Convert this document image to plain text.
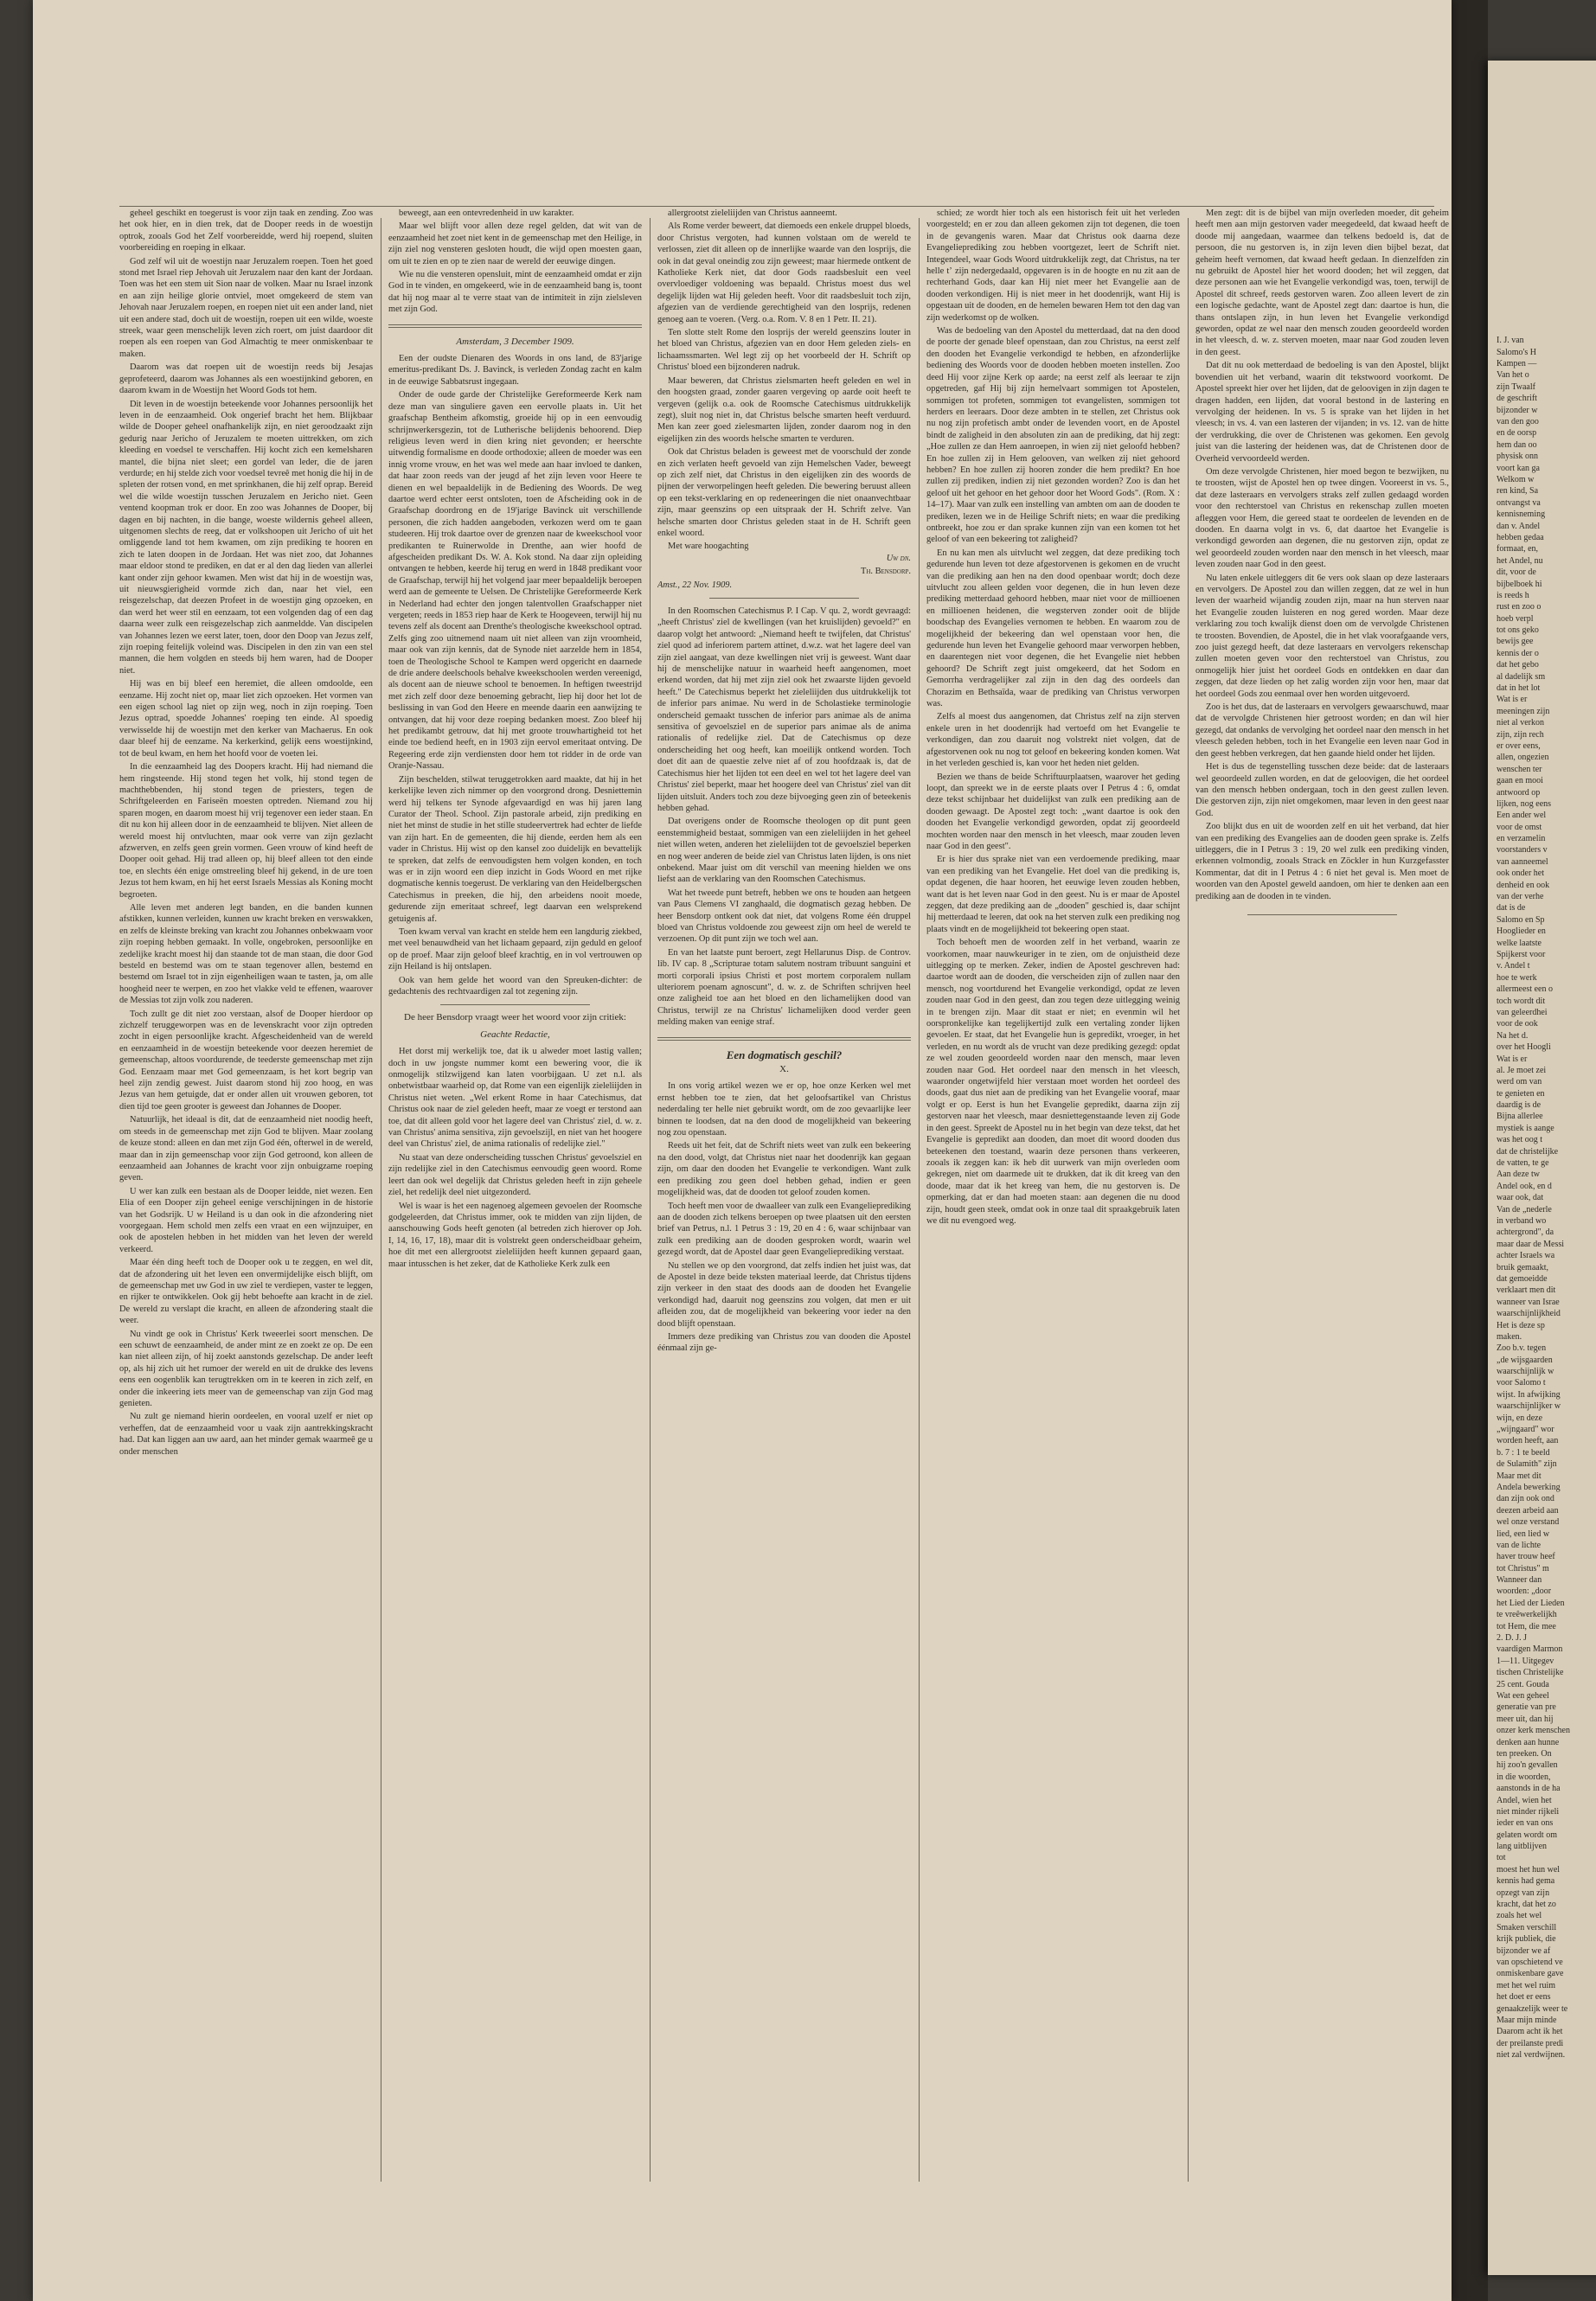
geheel geschikt en toegerust is voor zijn taak en zending. Zoo was het ook hier, en in dien trek, dat de Dooper reeds in de woestijn optrok, zooals God het Zelf voorbereidde, werd hij roepend, sluiten voorbereiding en roeping in elkaar.

God zelf wil uit de woestijn naar Jeruzalem roepen. Toen het goed stond met Israel riep Jehovah uit Jeruzalem naar den kant der Jordaan. Toen was het een stem uit Sion naar de volken. Maar nu Israel inzonk en aan zijn heilige glorie ontviel, moet omgekeerd de stem van Jehovah naar Jeruzalem roepen, en roepen niet uit een ander land, niet uit een andere stad, doch uit de woestijn, roepen uit een wilde, woeste streek, waar geen menschelijk leven zich roert, om juist daardoor dit roepen als een roepen van God Almachtig te meer onmiskenbaar te maken.

Daarom was dat roepen uit de woestijn reeds bij Jesajas geprofeteerd, daarom was Johannes als een woestijnkind geboren, en daarom kwam in de Woestijn het Woord Gods tot hem.

Dit leven in de woestijn beteekende voor Johannes persoonlijk het leven in de eenzaamheid. Ook ongerief bracht het hem. Blijkbaar wilde de Dooper geheel onafhankelijk zijn, en niet geroodzaakt zijn gedurig naar Jericho of Jeruzalem te moeten uittrekken, om zich kleeding en voedsel te verschaffen. Hij kocht zich een kemelsharen mantel, die bijna niet sleet; een gordel van leder, die de jaren verdurde; en hij stelde zich voor voedsel tevreê met honig die hij in de spleten der rotsen vond, en met sprinkhanen, die hij zelf oprap. Bereid wel die wilde woestijn tusschen Jeruzalem en Jericho niet. Geen ventend koopman trok er door. En zoo was Johannes de Dooper, bij dagen en bij nachten, in die bange, woeste wildernis geheel alleen, uitgenomen slechts de reeg, dat er volkshoopen uit Jericho of uit het omliggende land tot hem kwamen, om zijn prediking te hooren en zich te laten doopen in de Jordaan. Het was niet zoo, dat Johannes maar eldoor stond te prediken, en dat er al den dag lieden van allerlei kant onder zijn gehoor kwamen. Men wist dat hij in de woestijn was, uit nieuwsgierigheid vormde zich dan, naar het viel, een reisgezelschap, dat deezen Profeet in de woestijn ging opzoeken, en dan werd het weer stil en eenzaam, tot een volgenden dag of een dag daarna weer zulk een reisgezelschap zich aanmeldde. Van discipelen van Johannes lezen we eerst later, toen, door den Doop van Jezus zelf, zijn roeping feitelijk voleind was. Discipelen in den zin van een stel mannen, die hem volgden en steeds bij hem waren, had de Dooper niet.

Hij was en bij bleef een heremiet, die alleen omdoolde, een eenzame. Hij zocht niet op, maar liet zich opzoeken. Het vormen van een eigen school lag niet op zijn weg, noch in zijn roeping. Toen Jezus optrad, spoedde Johannes' roeping ten einde. Al spoedig verwisselde hij de woestijn met den kerker van Machaerus. En ook daar bleef hij de eenzame. Na kerkerkind, gelijk eens woestijnkind, tot de beul kwam, en hem het hoofd voor de voeten lei.

In die eenzaamheid lag des Doopers kracht. Hij had niemand die hem ringsteende. Hij stond tegen het volk, hij stond tegen de machthebbenden, hij stond tegen de priesters, tegen de Schriftgeleerden en Fariseën moesten optreden. Niemand zou hij sparen mogen, en daarom moest hij vrij tegenover een ieder staan. En dit nu kon hij alleen door in de eenzaamheid te blijven. Niet alleen de wereld moest hij ontvluchten, maar ook verre van zijn gezlacht afzwerven, en zelfs geen grein vormen. Geen vrouw of kind heeft de Dooper ooit gehad. Hij trad alleen op, hij bleef alleen tot den einde toe, en slechts één enige omstreeling bleef hij gekend, in de ure toen Jezus tot hem kwam, en hij het eerst Israels Messias als Koning mocht begroeten.

Alle leven met anderen legt banden, en die banden kunnen afstikken, kunnen verleiden, kunnen uw kracht breken en verswakken, en zelfs de kleinste breking van kracht zou Johannes onbekwaam voor zijn roeping hebben gemaakt. In volle, ongebroken, persoonlijke en zedelijke kracht moest hij dan staande tot de man staan, die door God besteld en bestemd was om te staan tegenover allen, bestemd en bestemd om Israel tot in zijn eigenheiligen waan te tasten, ja, om alle hoogheid neer te werpen, en zoo het vlakke veld te effenen, waarover de Messias tot zijn volk zou naderen.

Toch zullt ge dit niet zoo verstaan, alsof de Dooper hierdoor op zichzelf teruggeworpen was en de levenskracht voor zijn optreden zocht in eigen persoonlijke kracht. Afgescheidenheid van de wereld en eenzaamheid in de woestijn beteekende voor deezen heremiet de gemeenschap, altoos voordurende, de teederste gemeenschap met zijn God. Eenzaam maar met God gemeenzaam, is het kort begrip van heel zijn zendig gewest. Juist daarom stond hij zoo hoog, en was Jezus van hem getuigde, dat er onder allen uit vrouwen geboren, tot dien tijd toe geen grooter is geweest dan Johannes de Dooper.

Natuurlijk, het ideaal is dit, dat de eenzaamheid niet noodig heeft, om steeds in de gemeenschap met zijn God te blijven. Maar zoolang de keuze stond: alleen en dan met zijn God één, ofterwel in de wereld, maar dan in zijn gemeenschap voor zijn God getroond, kon alleen de eenzaamheid aan Johannes de kracht voor zijn onbuigzame roeping geven.

U wer kan zulk een bestaan als de Dooper leidde, niet wezen. Een Elia of een Dooper zijn geheel eenige verschijningen in de historie van het Godsrijk. U w Heiland is u dan ook in die afzondering niet voorgegaan. Hem schold men zelfs een vraat en een wijnzuiper, en ook de apostelen hebben in het midden van het leven der wereld verkeerd.

Maar één ding heeft toch de Dooper ook u te zeggen, en wel dit, dat de afzondering uit het leven een onvermijdelijke eisch blijft, om de gemeenschap met uw God in uw ziel te verdiepen, vaster te leggen, en rijker te ontwikkelen. Ook gij hebt behoefte aan kracht in de ziel. De wereld zu verslapt die kracht, en alleen de afzondering staalt die weer.

Nu vindt ge ook in Christus' Kerk tweeerlei soort menschen. De een schuwt de eenzaamheid, de ander mint ze en zoekt ze op. De een kan niet alleen zijn, of hij zoekt aanstonds gezelschap. De ander leeft op, als hij zich uit het rumoer der wereld en uit de drukke des levens eens een oogenblik kan terugtrekken om in te keeren in zich zelf, en onder die inkeering iets meer van de gemeenschap van zijn God mag genieten.

Nu zult ge niemand hierin oordeelen, en vooral uzelf er niet op verheffen, dat de eenzaamheid voor u vaak zijn aantrekkingskracht had. Dat kan liggen aan uw aard, aan het minder gemak waarmeê ge u onder menschen

beweegt, aan een ontevredenheid in uw karakter.

Maar wel blijft voor allen deze regel gelden, dat wit van de eenzaamheid het zoet niet kent in de gemeenschap met den Heilige, in zijn ziel nog vensteren gesloten houdt, die wijd open moesten gaan, om uit te zien en op te zien naar de wereld der eeuwige dingen.

Wie nu die vensteren opensluit, mint de eenzaamheid omdat er zijn God in te vinden, en omgekeerd, wie in de eenzaamheid bang is, toont dat hij nog maar al te verre staat van de intimiteit in zijn zielsleven met zijn God.

Amsterdam, 3 December 1909.

Een der oudste Dienaren des Woords in ons land, de 83'jarige emeritus-predikant Ds. J. Bavinck, is verleden Zondag zacht en kalm in de eeuwige Sabbatsrust ingegaan.

Onder de oude garde der Christelijke Gereformeerde Kerk nam deze man van singuliere gaven een eervolle plaats in. Uit het graafschap Bentheim afkomstig, groeide hij op in een eenvoudig schrijnwerkersgezin, tot de Lutherische belijdenis behoorend. Diep religieus leven werd in dien kring niet gevonden; er heerschte uitwendig formalisme en doode orthodoxie; alleen de moeder was een innig vrome vrouw, en het was wel mede aan haar invloed te danken, dat haar zoon reeds van der jeugd af het zijn leven voor Heere te dienen en wel bepaaldelijk in de Bediening des Woords. De weg daartoe werd echter eerst ontsloten, toen de Afscheiding ook in de Graafschap doordrong en de 19'jarige Bavinck uit verschillende personen, die zich hadden aangeboden, verkozen werd om te gaan studeeren. Hij trok daartoe over de grenzen naar de kweekschool voor predikanten te Ruinerwolde in Drenthe, aan wier hoofd de afgescheiden predikant Ds. W. A. Kok stond. Na daar zijn opleiding ontvangen te hebben, keerde hij terug en werd in 1848 predikant voor de Graafschap, terwijl hij het volgend jaar meer bepaaldelijk beroepen werd aan de gemeente te Uelsen. De Christelijke Gereformeerde Kerk in Nederland had echter den jongen talentvollen Graafschapper niet vergeten; reeds in 1853 riep haar de Kerk te Hoogeveen, terwijl hij nu tevens zelf als docent aan Drenthe's theologische kweekschool optrad. Zelfs ging zoo uitnemend naam uit niet alleen van zijn vroomheid, maar ook van zijn kennis, dat de Synode niet aarzelde hem in 1854, toen de Theologische School te Kampen werd opgericht en daarnede de drie andere deelschools behalve kweekschoolen werden vereenigd, als docent aan de nieuwe school te benoemen. In heftigen tweestrijd met zich zelf door deze benoeming gebracht, liep hij door het lot de beslissing in van God den Heere en meende daarin een aanwijzing te ontvangen, dat hij voor deze roeping bedanken moest. Zoo bleef hij het predikambt getrouw, dat hij met groote trouwhartigheid tot het einde toe bediend heeft, en in 1903 zijn eervol emeritaat ontving. De Regeering erde zijn verdiensten door hem tot ridder in de orde van Oranje-Nassau.

Zijn beschelden, stilwat teruggetrokken aard maakte, dat hij in het kerkelijke leven zich nimmer op den voorgrond drong. Desniettemin werd hij telkens ter Synode afgevaardigd en was hij jaren lang Curator der Theol. School. Zijn pastorale arbeid, zijn prediking en niet het minst de studie in het stille studeervertrek had echter de liefde van zijn hart. En de gemeenten, die hij diende, eerden hem als een vader in Christus. Hij wist op den kansel zoo duidelijk en bevattelijk te spreken, dat zelfs de eenvoudigsten hem volgen konden, en toch was er in zijn woord een diep inzicht in Gods Woord en met rijke dogmatische kennis toegerust. De verklaring van den Heidelbergschen Catechismus in preeken, die hij, den arbeidens nooit moede, gedurende zijn emeritaat schreef, legt daarvan een welsprekend getuigenis af.

Toen kwam verval van kracht en stelde hem een langdurig ziekbed, met veel benauwdheid van het lichaam gepaard, zijn geduld en geloof op de proef. Maar zijn geloof bleef krachtig, en in vol vertrouwen op zijn Heiland is hij ontslapen.

Ook van hem gelde het woord van den Spreuken-dichter: de gedachtenis des rechtvaardigen zal tot zegening zijn.

De heer Bensdorp vraagt weer het woord voor zijn critiek:

Geachte Redactie,

Het dorst mij werkelijk toe, dat ik u alweder moet lastig vallen; doch in uw jongste nummer komt een bewering voor, die ik onmogelijk stilzwijgend kan laten voorbijgaan. U zet n.l. als onbetwistbaar waarheid op, dat Rome van een eigenlijk zieleliijden in Christus niet weten. „Wel erkent Rome in haar Catechismus, dat Christus ook naar de ziel geleden heeft, maar ze voegt er terstond aan toe, dat dit alleen gold voor het lagere deel van Christus' ziel, d. w. z. van Christus' anima sensitiva, zijn gevoelszijl, en niet van het hoogere deel van Christus' ziel, de anima rationalis of redelijke ziel."

Nu staat van deze onderscheiding tusschen Christus' gevoelsziel en zijn redelijke ziel in den Catechismus eenvoudig geen woord. Rome leert dan ook wel degelijk dat Christus geleden heeft in zijn geheele ziel, het redelijk deel niet uitgezonderd.

Wel is waar is het een nagenoeg algemeen gevoelen der Roomsche godgeleerden, dat Christus immer, ook te midden van zijn lijden, de aanschouwing Gods heeft genoten (al betreden zich hierover op Joh. I, 14, 16, 17, 18), maar dit is volstrekt geen onderscheidbaar geheim, hoe dit met een allergrootst zieleliijden heeft kunnen gepaard gaan, maar intusschen is het zeker, dat de Katholieke Kerk zulk een

allergrootst zieleliijden van Christus aanneemt.

Als Rome verder beweert, dat diemoeds een enkele druppel bloeds, door Christus vergoten, had kunnen volstaan om de wereld te verlossen, ziet dit alleen op de innerlijke waarde van den losprijs, die ook in dat geval oneindig zou zijn geweest; maar hiermede ontkent de Katholieke Kerk niet, dat door Gods raadsbesluit een veel overvloediger voldoening was bepaald. Christus moest dus wel degelijk lijden wat Hij geleden heeft. Voor dit raadsbesluit toch zijn, afgezien van de verdiende gerechtigheid van den losprijs, redenen genoeg aan te voeren. (Verg. o.a. Rom. V. 8 en 1 Petr. II. 21).

Ten slotte stelt Rome den losprijs der wereld geenszins louter in het bloed van Christus, afgezien van en door Hem geleden ziels- en lichaamssmarten. Wel legt zij op het voorbeeld der H. Schrift op Christus' bloed een bijzonderen nadruk.

Maar beweren, dat Christus zielsmarten heeft geleden en wel in den hoogsten graad, zonder gaaren vergeving op aarde ooit heeft te vergeven (gelijk o.a. ook de Roomsche Catechismus uitdrukkelijk zegt), sluit nog niet in, dat Christus belsche smarten heeft verduurd. Men kan zeer goed zielesmarten lijden, zonder daarom nog in den eigelijken zin des woords helsche smarten te verduren.

Ook dat Christus beladen is geweest met de voorschuld der zonde en zich verlaten heeft gevoeld van zijn Hemelschen Vader, beweegt op zich zelf niet, dat Christus in den eigelijken zin des woords de pijnen der verworpelingen heeft geleden. Die bewering beruust alleen op een tekst-verklaring en op redeneeringen die niet onaanvechtbaar zijn, maar geenszins op een uitspraak der H. Schrift zelve. Van helsche smarten door Christus geleden staat in de H. Schrift geen enkel woord.

Met ware hoogachting

Uw dn.

Th. Bensdorp.

Amst., 22 Nov. 1909.

In den Roomschen Catechismus P. I Cap. V qu. 2, wordt gevraagd: „heeft Christus' ziel de kwellingen (van het kruislijden) gevoeld?" en daarop volgt het antwoord: „Niemand heeft te twijfelen, dat Christus' ziel quod ad inferiorem partem attinet, d.w.z. wat het lagere deel van zijn ziel aangaat, van deze kwellingen niet vrij is geweest. Want daar hij de menschelijke natuur in waarheid heeft aangenomen, moet erkend worden, dat hij met zijn ziel ook het zwaarste lijden gevoeld heeft." De Catechismus beperkt het zieleliijden dus uitdrukkelijk tot de inferior pars animae. Nu werd in de Scholastieke terminologie onderscheid gemaakt tusschen de inferior pars animae als de anima sensitiva of gevoelsziel en de superior pars animae als de anima rationalis of redelijke ziel. Dat de Catechismus op deze onderscheiding het oog heeft, kan moeilijk ontkend worden. Toch doet dit aan de quaestie zelve niet af of zou hoofdzaak is, dat de Catechismus hier het lijden tot een deel en wel tot het lagere deel van Christus' ziel beperkt, maar het hoogere deel van Christus' ziel van dit lijden uitsluit. Anders toch zou deze bijvoeging geen zin of beteekenis hebben gehad.

Dat overigens onder de Roomsche theologen op dit punt geen eenstemmigheid bestaat, sommigen van een zieleliijden in het geheel niet willen weten, anderen het zieleliijden tot de gevoelsziel beperken en nog weer anderen de beide ziel van Christus laten lijden, is ons niet onbekend. Maar juist om dit verschil van meening hielden we ons liefst aan de verklaring van den Roomschen Catechismus.

Wat het tweede punt betreft, hebben we ons te houden aan hetgeen van Paus Clemens VI zanghaald, die dogmatisch gezag hebben. De heer Bensdorp ontkent ook dat niet, dat volgens Rome één druppel bloed van Christus voldoende zou geweest zijn om heel de wereld te verzoenen. Op dit punt zijn we toch wel aan.

En van het laatste punt beroert, zegt Hellarunus Disp. de Controv. lib. IV cap. 8 „Scripturae totam salutem nostram tribuunt sanguini et morti corporali ipsius Christi et post mortem corporalem nullam ulteriorem poenam agnoscunt", d. w. z. de Schriften schrijven heel onze zaligheid toe aan het bloed en den lichamelijken dood van Christus, terwijl ze na Christus' lichamelijken dood verder geen melding maken van eenige straf.

Een dogmatisch geschil?

X.

In ons vorig artikel wezen we er op, hoe onze Kerken wel met ernst hebben toe te zien, dat het geloofsartikel van Christus nederdaling ter helle niet gebruikt wordt, om de zoo gevaarlijke leer binnen te loodsen, dat na den dood de mogelijkheid van bekeering nog zou openstaan.

Reeds uit het feit, dat de Schrift niets weet van zulk een bekeering na den dood, volgt, dat Christus niet naar het doodenrijk kan gegaan zijn, om daar den dooden het Evangelie te verkondigen. Want zulk een prediking zou geen doel hebben gehad, indien er geen mogelijkheid was, dat de dooden tot geloof zouden komen.

Toch heeft men voor de dwaalleer van zulk een Evangelieprediking aan de dooden zich telkens beroepen op twee plaatsen uit den eersten brief van Petrus, n.l. 1 Petrus 3 : 19, 20 en 4 : 6, waar schijnbaar van zulk een prediking aan de dooden gesproken wordt, waarin wel gezegd wordt, dat de Apostel daar geen Evangelieprediking verstaat.

Nu stellen we op den voorgrond, dat zelfs indien het juist was, dat de Apostel in deze beide teksten materiaal leerde, dat Christus tijdens zijn verkeer in den staat des doods aan de dooden het Evangelie verkondigd had, daaruit nog geenszins zou volgen, dat men er uit afleiden zou, dat de mogelijkheid van bekeering voor ieder na den dood blijft openstaan.

Immers deze prediking van Christus zou van dooden die Apostel éénmaal zijn ge-

schied; ze wordt hier toch als een historisch feit uit het verleden voorgesteld; en er zou dan alleen gekomen zijn tot degenen, die toen in de gevangenis waren. Maar dat Christus ook daarna deze Evangelieprediking zou hebben voortgezet, leert de Schrift niet. Integendeel, waar Gods Woord uitdrukkelijk zegt, dat Christus, na ter helle tʼ zijn nedergedaald, opgevaren is in de hoogte en nu zit aan de rechterhand Gods, daar kan Hij niet meer het Evangelie aan de dooden verkondigen. Hij is niet meer in het doodenrijk, want Hij is opgestaan uit de dooden, en de hemelen bewaren Hem tot den dag van zijn wederkomst op de wolken.

Was de bedoeling van den Apostel du metterdaad, dat na den dood de poorte der genade bleef openstaan, dan zou Christus, na eerst zelf den dooden het Evangelie verkondigd te hebben, en afzonderlijke bediening des Woords voor de dooden hebben moeten instellen. Zoo deed Hij voor zijne Kerk op aarde; na eerst zelf als leeraar te zijn opgetreden, gaf Hij bij zijn hemelvaart sommigen tot Apostelen, sommigen tot profeten, sommigen tot evangelisten, sommigen tot herders en leeraars. Door deze ambten in te stellen, zet Christus ook nu nog zijn profetisch ambt onder de levenden voort, en de Apostel bindt de zaligheid in den absoluten zin aan de prediking, dat hij zegt: „Hoe zullen ze dan Hem aanroepen, in wien zij niet geloofd hebben? En hoe zullen zij in Hem gelooven, van welken zij niet gehoord hebben? En hoe zullen zij hooren zonder die hem predikt? En hoe zullen zij prediken, indien zij niet gezonden worden? Zoo is dan het geloof uit het gehoor en het gehoor door het Woord Gods". (Rom. X : 14–17). Maar van zulk een instelling van ambten om aan de dooden te prediken, lezen we in de Heilige Schrift niets; en waar die prediking ontbreekt, hoe zou er dan sprake kunnen zijn van een komen tot het geloof of van een bekeering tot zaligheid?

En nu kan men als uitvlucht wel zeggen, dat deze prediking toch gedurende hun leven tot deze afgestorvenen is gekomen en de vrucht van die prediking aan hen na den dood openbaar wordt; doch deze uitvlucht zou alleen gelden voor degenen, die in hun leven deze prediking metterdaad gehoord hebben, maar niet voor de millioenen en millioenen heidenen, die wegsterven zonder ooit de blijde boodschap des Evangelies vernomen te hebben. En waarom zou de mogelijkheid der bekeering dan wel openstaan voor hen, die gedurende hun leven het Evangelie gehoord maar verworpen hebben, en daarentegen niet voor degenen, die het Evangelie niet hebben gehoord? De Schrift zegt juist omgekeerd, dat het Sodom en Gemorrha verdragelijker zal zijn in den dag des oordeels dan Chorazim en Bethsaïda, waar de prediking van Christus verworpen was.

Zelfs al moest dus aangenomen, dat Christus zelf na zijn sterven enkele uren in het doodenrijk had vertoefd om het Evangelie te verkondigen, dan zou daaruit nog volstrekt niet volgen, dat de afgestorvenen ook nu nog tot geloof en bekeering konden komen. Wat in het verleden geschied is, kan voor het heden niet gelden.

Bezien we thans de beide Schriftuurplaatsen, waarover het geding loopt, dan spreekt we in de eerste plaats over I Petrus 4 : 6, omdat deze tekst schijnbaar het duidelijkst van zulk een prediking aan de dooden gewaagt. De Apostel zegt toch: „want daartoe is ook den dooden het Evangelie verkondigd geworden, opdat zij geoordeeld mochten worden naar den mensch in het vleesch, maar zouden leven naar God in den geest".

Er is hier dus sprake niet van een verdoemende prediking, maar van een prediking van het Evangelie. Het doel van die prediking is, opdat degenen, die haar hooren, het eeuwige leven zouden hebben, want dat is het leven naar God in den geest. Nu is er maar de Apostel zeggen, dat deze prediking aan de „dooden" geschied is, daar schijnt hij metterdaad te leeren, dat ook na het sterven zulk een prediking nog plaats vindt en de mogelijkheid tot bekeering open staat.

Toch behoeft men de woorden zelf in het verband, waarin ze voorkomen, maar nauwkeuriger in te zien, om de onjuistheid deze uitlegging op te merken. Zeker, indien de Apostel geschreven had: daartoe wordt aan de dooden, die verscheiden zijn of zullen naar den mensch, nog voortdurend het Evangelie verkondigd, opdat ze leven zouden naar God in den geest, dan zou tegen deze uitlegging weinig in te brengen zijn. Maar dit staat er niet; en evenmin wil het oorspronkelijke kan tegelijkertijd zulk een vertaling zonder lijken gevoelen. Er staat, dat het Evangelie hun is gepredikt, vroeger, in het verleden, en nu wordt als de vrucht van deze prediking gezegd: opdat ze wel zouden geoordeeld worden naar den mensch, maar leven zouden naar God. Het oordeel naar den mensch in het vleesch, waaronder ongetwijfeld hier verstaan moet worden het oordeel des doods, gaat dus niet aan de prediking van het Evangelie vooraf, maar volgt er op. Eerst is hun het Evangelie gepredikt, daarna zijn zij gestorven naar het vleesch, maar desniettegenstaande leven zij Gode in den geest. Spreekt de Apostel nu in het begin van deze tekst, dat het Evangelie is gepredikt aan dooden, dan moet dit woord dooden dus beteekenen den toestand, waarin deze personen thans verkeeren, zooals ik zeggen kan: ik heb dit uurwerk van mijn overleden oom gekregen, niet om daarmede uit te drukken, dat ik dit kreeg van den doode, maar dat ik het kreeg van hem, die nu gestorven is. De opmerking, dat er dan had moeten staan: aan degenen die nu dood zijn, houdt geen steek, omdat ook in onze taal dit spraakgebruik laten we dit nu evengoed weg.

Men zegt: dit is de bijbel van mijn overleden moeder, dit geheim heeft men aan mijn gestorven vader meegedeeld, dat kwaad heeft de doode mij aangedaan, waarmee dan telkens bedoeld is, dat de persoon, die nu gestorven is, in zijn leven dien bijbel bezat, dat geheim heeft vernomen, dat kwaad heeft gedaan. In dienzelfden zin nu gebruikt de Apostel hier het woord dooden; het wil zeggen, dat deze personen aan wie het Evangelie verkondigd was, toen, terwijl de Apostel dit schreef, reeds gestorven waren. Zoo alleen levert de zin een logische gedachte, want de Apostel zegt dan: daartoe is hun, die thans ontslapen zijn, in hun leven het Evangelie verkondigd geworden, opdat ze wel naar den mensch zouden geoordeeld worden in het vleesch, d. w. z. sterven moeten, maar naar God zouden leven in den geest.

Dat dit nu ook metterdaad de bedoeling is van den Apostel, blijkt bovendien uit het verband, waarin dit tekstwoord voorkomt. De Apostel spreekt hier over het lijden, dat de geloovigen in zijn dagen te dragen hadden, een lijden, dat vooral bestond in de lastering en vervolging der heidenen. In vs. 5 is sprake van het lijden in het vleesch; in vs. 4. van een lasteren der vijanden; in vs. 12. van de hitte der verdrukking, die over de Christenen was gekomen. Een gevolg juist van die lastering der heidenen was, dat de Christenen door de Overheid vervoordeeld werden.

Om deze vervolgde Christenen, hier moed begon te bezwijken, nu te troosten, wijst de Apostel hen op twee dingen. Vooreerst in vs. 5., dat deze lasteraars en vervolgers straks zelf zullen gedaagd worden voor den rechterstoel van Christus en rekenschap zullen moeten afleggen voor Hem, die gereed staat te oordeelen de levenden en de dooden. En daarna volgt in vs. 6, dat daartoe het Evangelie is verkondigd geworden aan degenen, die nu gestorven zijn, opdat ze wel geoordeeld zouden worden naar den mensch in het vleesch, maar leven zouden naar God in den geest.

Nu laten enkele uitleggers dit 6e vers ook slaan op deze lasteraars en vervolgers. De Apostel zou dan willen zeggen, dat ze wel in hun leven der waarheid wijandig zouden zijn, maar na hun sterven naar het Evangelie zouden luisteren en nog gered worden. Maar deze verklaring zou toch kwalijk dienst doen om de vervolgde Christenen te troosten. Bovendien, de Apostel, die in het vlak voorafgaande vers, zoo juist gezegd heeft, dat deze lasteraars en vervolgers rekenschap zullen moeten geven voor den rechterstoel van Christus, zou onmogelijk hier juist het oordeel Gods en ontdekken en daar dan zeggen, dat deze lieden op het zalig worden zijn voor hen, maar dat het oordeel Gods zou eenmaal over hen worden uitgevoerd.

Zoo is het dus, dat de lasteraars en vervolgers gewaarschuwd, maar dat de vervolgde Christenen hier getroost worden; en dan wil hier gezegd, dat ondanks de vervolging het oordeel naar den mensch in het vleesch geleden hebben, toch in het Evangelie een leven naar God in den geest hebben verkregen, dat hen gaande hield onder het lijden.

Het is dus de tegenstelling tusschen deze beide: dat de lasteraars wel geoordeeld zullen worden, en dat de geloovigen, die het oordeel van den mensch hebben ondergaan, toch in den geest zullen leven. Die gestorven zijn, zijn niet omgekomen, maar leven in den geest naar God.

Zoo blijkt dus en uit de woorden zelf en uit het verband, dat hier van een prediking des Evangelies aan de dooden geen sprake is. Zelfs uitleggers, die in I Petrus 3 : 19, 20 wel zulk een prediking vinden, erkennen volmondig, zooals Strack en Zöckler in hun Kurzgefasster Kommentar, dat dit in I Petrus 4 : 6 niet het geval is. Men moet de woorden van den Apostel geweld aandoen, om hier te denken aan een prediking aan de dooden in te vinden.

I. J. van
Salomo's H
Kampen —
Van het o
zijn Twaalf
de geschrift
bijzonder w
van den goo
en de oorsp
hem dan oo
physisk onn
voort kan ga
Welkom w
ren kind, Sa
ontvangst va
kennisneming
dan v. Andel
hebben gedaa
formaat, en,
het Andel, nu
dit, voor de
bijbelboek hi
is reeds h
rust en zoo o
hoeb verpl
tot ons geko
bewijs gee
kennis der o
dat het gebo
al dadelijk sm
dat in het lot
Wat is er
meeningen zijn
niet al verkon
zijn, zijn rech
er over eens,
allen, ongezien
wenschen ter
gaan en mooi
antwoord op
lijken, nog eens
Een ander wel
voor de omst
en verzamelin
voorstanders v
van aanneemel
ook onder het
denheid en ook
van der verhe
dat is de
Salomo en Sp
Hooglieder en
welke laatste
Spijkerst voor
v. Andel t
hoe te werk
allermeest een o
toch wordt dit
van geleerdhei
voor de ook
Na het d.
over het Hoogli
Wat is er
al. Je moet zei
werd om van
te genieten en
daardig is de
Bijna allerlee
mystiek is aange
was het oog t
dat de christelijke
de vatten, te ge
Aan deze tw
Andel ook, en d
waar ook, dat
Van de „nederle
in verband wo
achtergrond", da
maar daar de Messi
achter Israels wa
bruik gemaakt,
dat gemoeidde
verklaart men dit
wanneer van Israe
waarschijnlijkheid
Het is deze sp
maken.
Zoo b.v. tegen
„de wijsgaarden
waarschijnlijk w
voor Salomo t
wijst. In afwijking
waarschijnlijker w
wijn, en deze
„wijngaard" wor
worden heeft, aan
b. 7 : 1 te beeld
de Sulamith" zijn
Maar met dit
Andela bewerking
dan zijn ook ond
deezen arbeid aan
wel onze verstand
lied, een lied w
van de lichte
haver trouw heef
tot Christus" m
Wanneer dan
woorden: „door
het Lied der Lieden
te vreêwerkelijkh
tot Hem, die mee
2. D. J. J
vaardigen Marmon
1—11. Uitgegev
tischen Christelijke
25 cent. Gouda
Wat een geheel
generatie van pre
meer uit, dan hij
onzer kerk menschen
denken aan hunne
ten preeken. On
hij zoo'n gevallen
in die woorden,
aanstonds in de ha
Andel, wien het
niet minder rijkeli
ieder en van ons
gelaten wordt om
lang uitblijven
tot
moest het hun wel
kennis had gema
opzegt van zijn
kracht, dat het zo
zoals het wel
Smaken verschill
krijk publiek, die
bijzonder we af
van opschietend ve
onmiskenbare gave
met het wel ruim
het doet er eens
genaakzelijk weer te
Maar mijn minde
Daarom acht ik het
der preilanste predi
niet zal verdwijnen.
